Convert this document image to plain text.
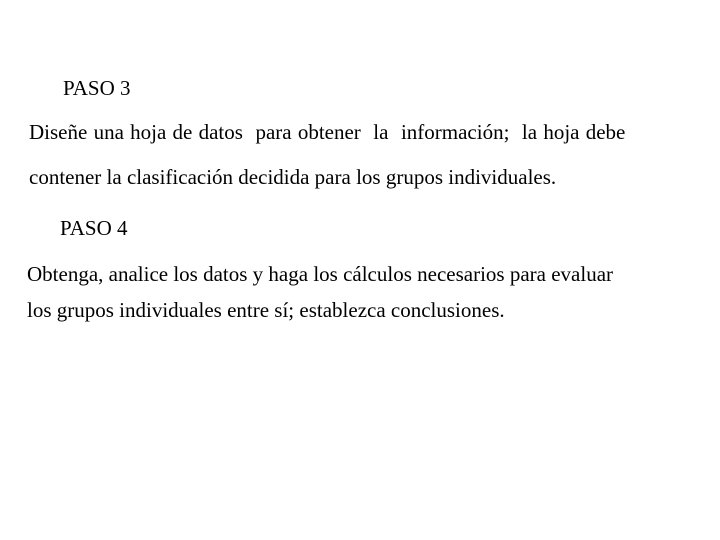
PASO 3
Diseñe una hoja de datos  para obtener  la  información;  la hoja debe
contener la clasificación decidida para los grupos individuales.
PASO 4
Obtenga, analice los datos y haga los cálculos necesarios para evaluar
los grupos individuales entre sí; establezca conclusiones.
